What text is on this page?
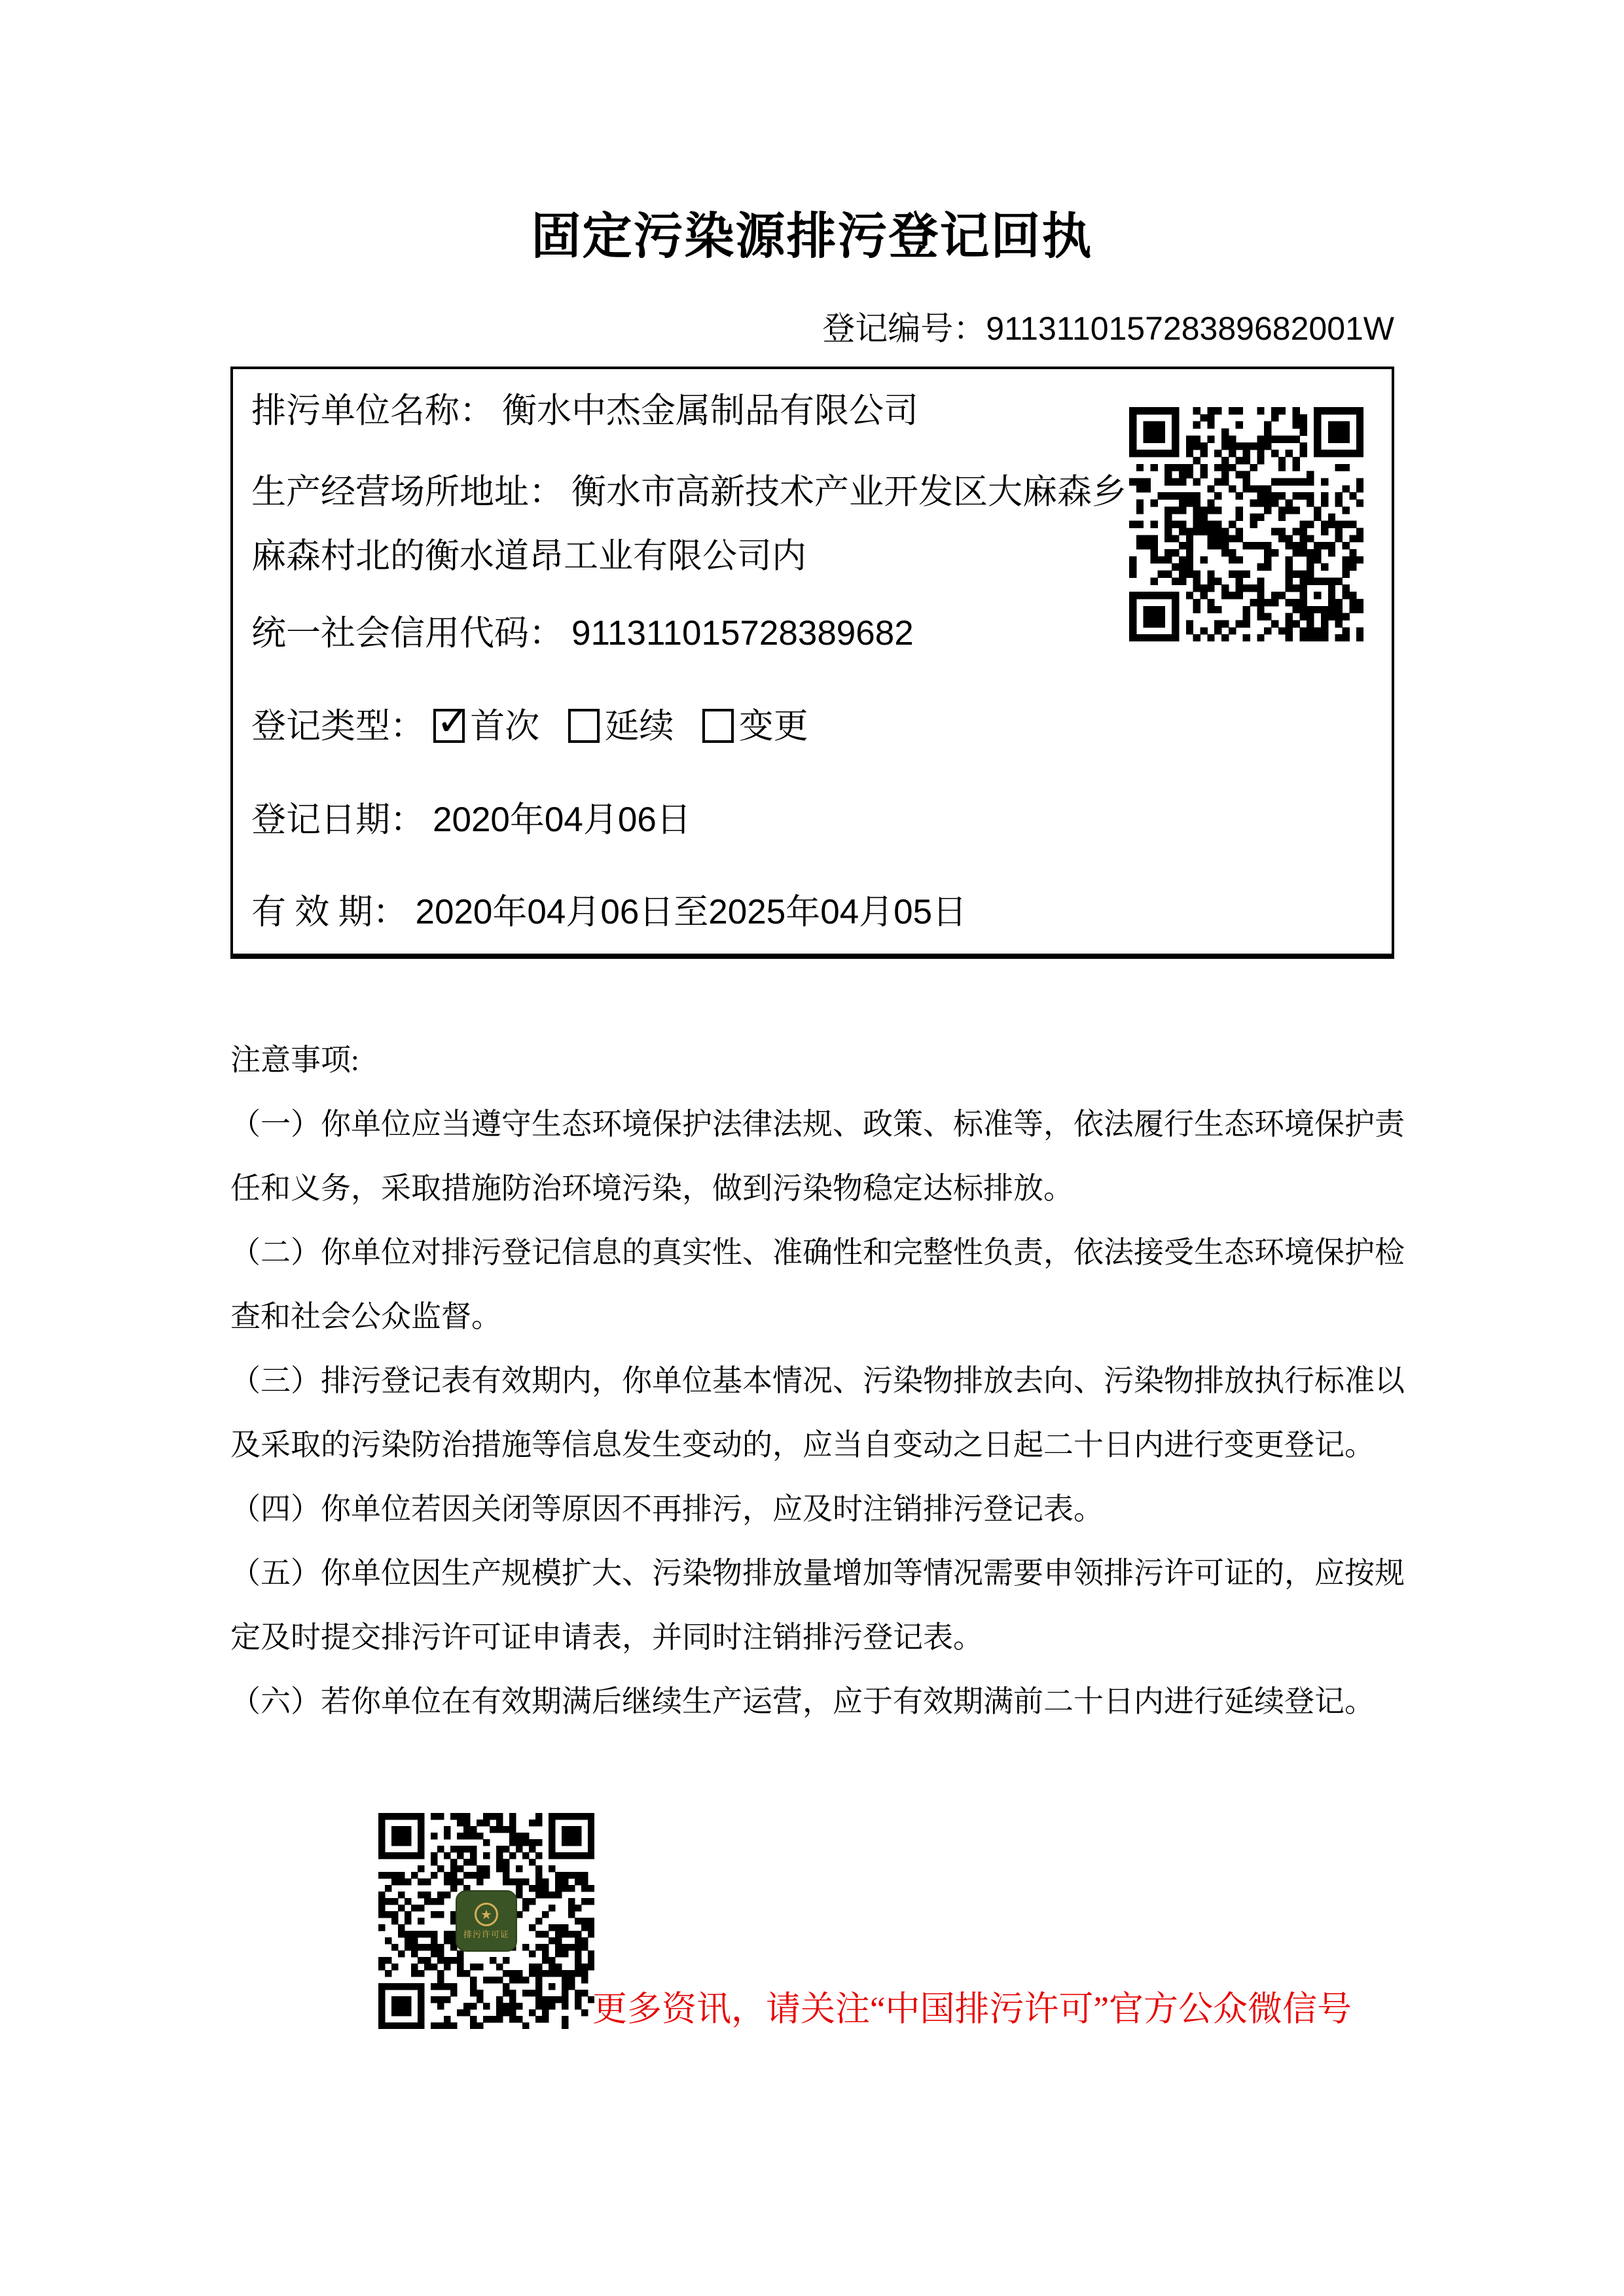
固定污染源排污登记回执
登记编号：911311015728389682001W
排污单位名称： 衡水中杰金属制品有限公司
生产经营场所地址： 衡水市高新技术产业开发区大麻森乡
麻森村北的衡水道昂工业有限公司内
统一社会信用代码： 911311015728389682
登记类型： ✓ 首次 延续 变更
登记日期： 2020年04月06日
有 效 期： 2020年04月06日至2025年04月05日
注意事项:
（一）你单位应当遵守生态环境保护法律法规、政策、标准等，依法履行生态环境保护责
任和义务，采取措施防治环境污染，做到污染物稳定达标排放。
（二）你单位对排污登记信息的真实性、准确性和完整性负责，依法接受生态环境保护检
查和社会公众监督。
（三）排污登记表有效期内，你单位基本情况、污染物排放去向、污染物排放执行标准以
及采取的污染防治措施等信息发生变动的，应当自变动之日起二十日内进行变更登记。
（四）你单位若因关闭等原因不再排污，应及时注销排污登记表。
（五）你单位因生产规模扩大、污染物排放量增加等情况需要申领排污许可证的，应按规
定及时提交排污许可证申请表，并同时注销排污登记表。
（六）若你单位在有效期满后继续生产运营，应于有效期满前二十日内进行延续登记。
★
排污许可证
更多资讯，请关注“中国排污许可”官方公众微信号
